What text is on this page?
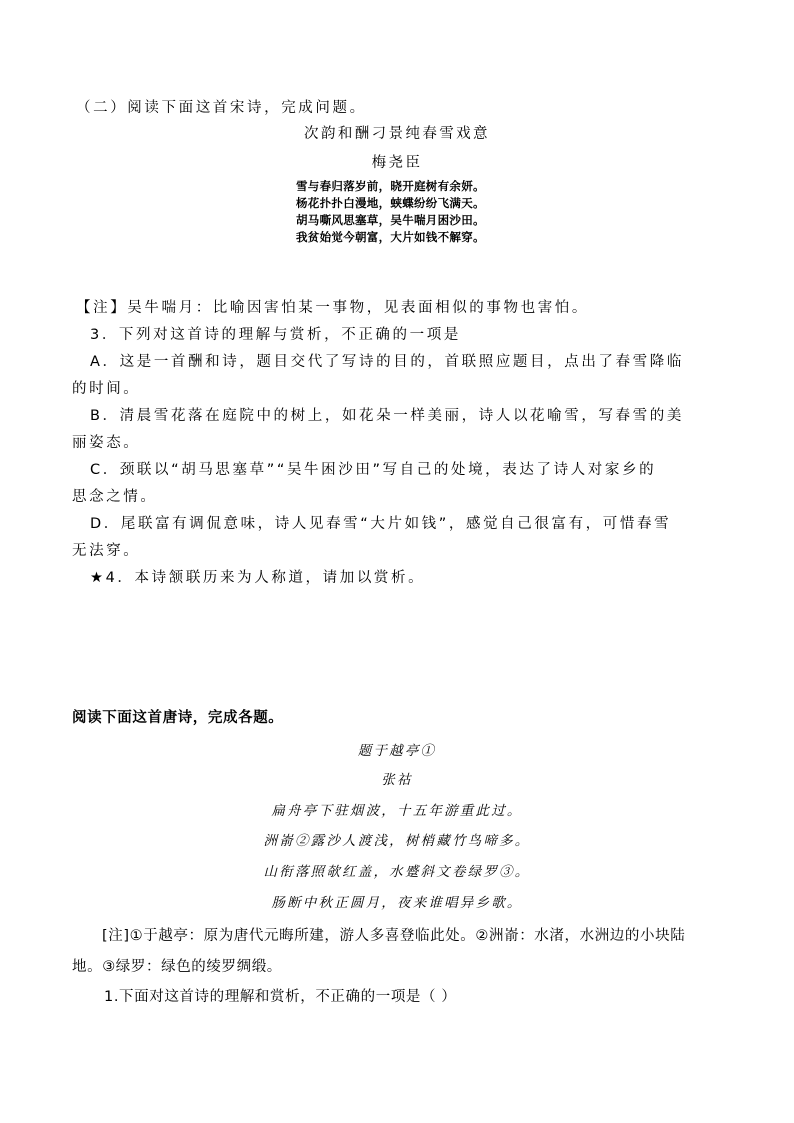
（二）阅读下面这首宋诗，完成问题。
次韵和酬刁景纯春雪戏意
梅尧臣
雪与春归落岁前，晓开庭树有余妍。
杨花扑扑白漫地，蛱蝶纷纷飞满天。
胡马嘶风思塞草，吴牛喘月困沙田。
我贫始觉今朝富，大片如钱不解穿。
【注】吴牛喘月：比喻因害怕某一事物，见表面相似的事物也害怕。
3．下列对这首诗的理解与赏析，不正确的一项是
A．这是一首酬和诗，题目交代了写诗的目的，首联照应题目，点出了春雪降临
的时间。
B．清晨雪花落在庭院中的树上，如花朵一样美丽，诗人以花喻雪，写春雪的美
丽姿态。
C．颈联以“胡马思塞草”“吴牛困沙田”写自己的处境，表达了诗人对家乡的
思念之情。
D．尾联富有调侃意味，诗人见春雪“大片如钱”，感觉自己很富有，可惜春雪
无法穿。
★4．本诗颔联历来为人称道，请加以赏析。
阅读下面这首唐诗，完成各题。
题于越亭①
张祜
扁舟亭下驻烟波，十五年游重此过。
洲嵛②露沙人渡浅，树梢藏竹鸟啼多。
山衔落照欹红盖，水蹙斜文卷绿罗③。
肠断中秋正圆月，夜来谁唱异乡歌。
[注]①于越亭：原为唐代元晦所建，游人多喜登临此处。②洲嵛：水渚，水洲边的小块陆
地。③绿罗：绿色的绫罗绸缎。
1.下面对这首诗的理解和赏析，不正确的一项是（ ）
